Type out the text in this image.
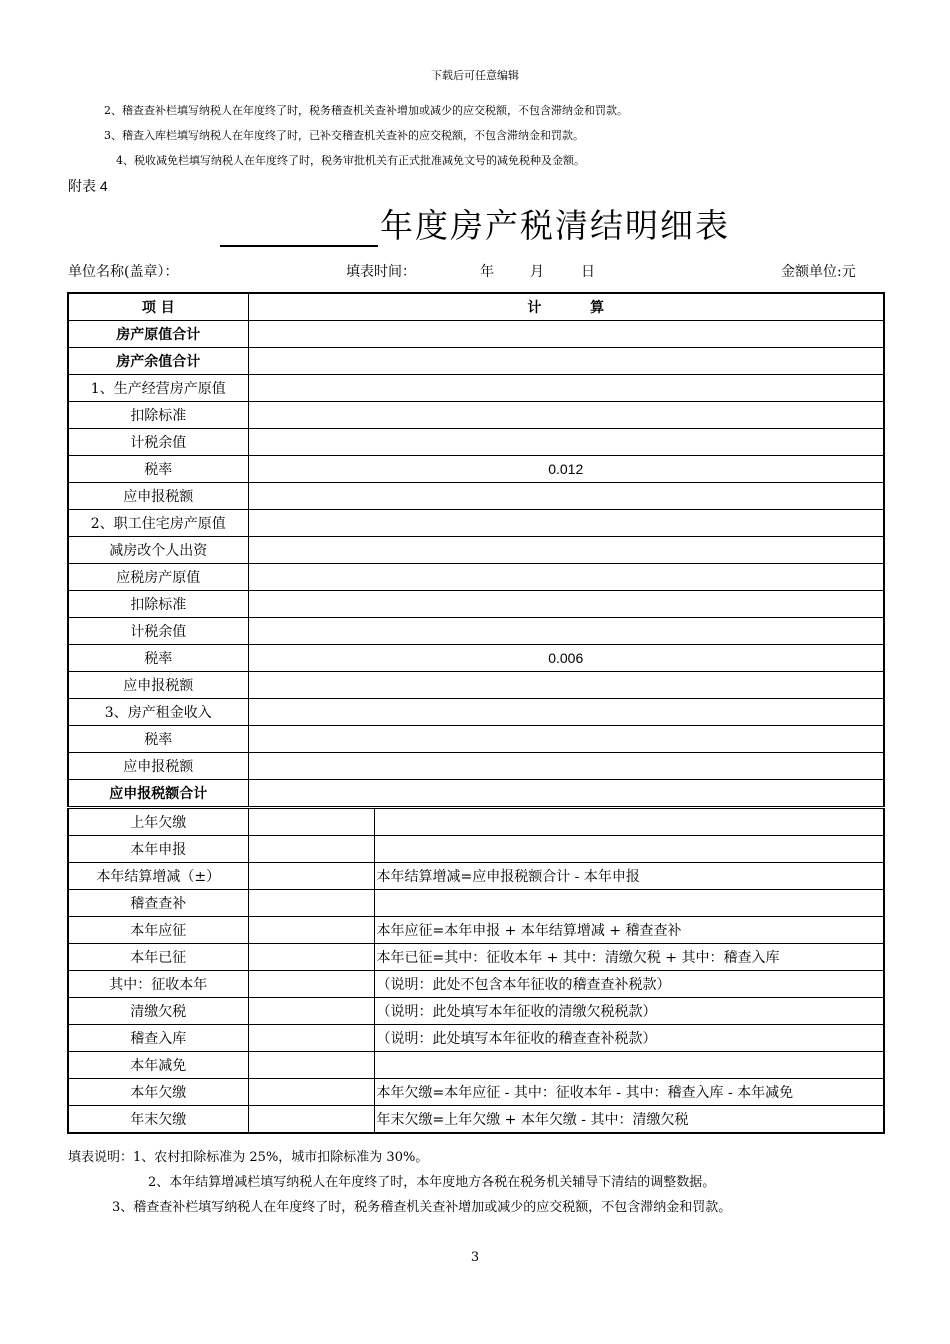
下载后可任意编辑
2、稽查查补栏填写纳税人在年度终了时，税务稽查机关查补增加或减少的应交税额，不包含滞纳金和罚款。
3、稽查入库栏填写纳税人在年度终了时，已补交稽查机关查补的应交税额，不包含滞纳金和罚款。
4、税收减免栏填写纳税人在年度终了时，税务审批机关有正式批准减免文号的减免税种及金额。
附表 4
年度房产税清结明细表
单位名称(盖章）：	填表时间：	年	月	日	金额单位:元
项 目	计          算	
房产原值合计		
房产余值合计		
1、生产经营房产原值		
扣除标准		
计税余值		
税率	0.012	
应申报税额		
2、职工住宅房产原值		
减房改个人出资		
应税房产原值		
扣除标准		
计税余值		
税率	0.006	
应申报税额		
3、房产租金收入		
税率		
应申报税额		
应申报税额合计		
上年欠缴		
本年申报		
本年结算增减（±）		本年结算增减=应申报税额合计 - 本年申报
稽查查补		
本年应征		本年应征=本年申报 + 本年结算增减 + 稽查查补
本年已征		本年已征=其中：征收本年 + 其中：清缴欠税 + 其中：稽查入库
其中：征收本年		（说明：此处不包含本年征收的稽查查补税款）
清缴欠税		（说明：此处填写本年征收的清缴欠税税款）
稽查入库		（说明：此处填写本年征收的稽查查补税款）
本年减免		
本年欠缴		本年欠缴=本年应征 - 其中：征收本年 - 其中：稽查入库 - 本年减免
年末欠缴		年末欠缴=上年欠缴 + 本年欠缴 - 其中：清缴欠税
填表说明：1、农村扣除标准为 25%，城市扣除标准为 30%。
2、本年结算增减栏填写纳税人在年度终了时，本年度地方各税在税务机关辅导下清结的调整数据。
3、稽查查补栏填写纳税人在年度终了时，税务稽查机关查补增加或减少的应交税额，不包含滞纳金和罚款。
3
